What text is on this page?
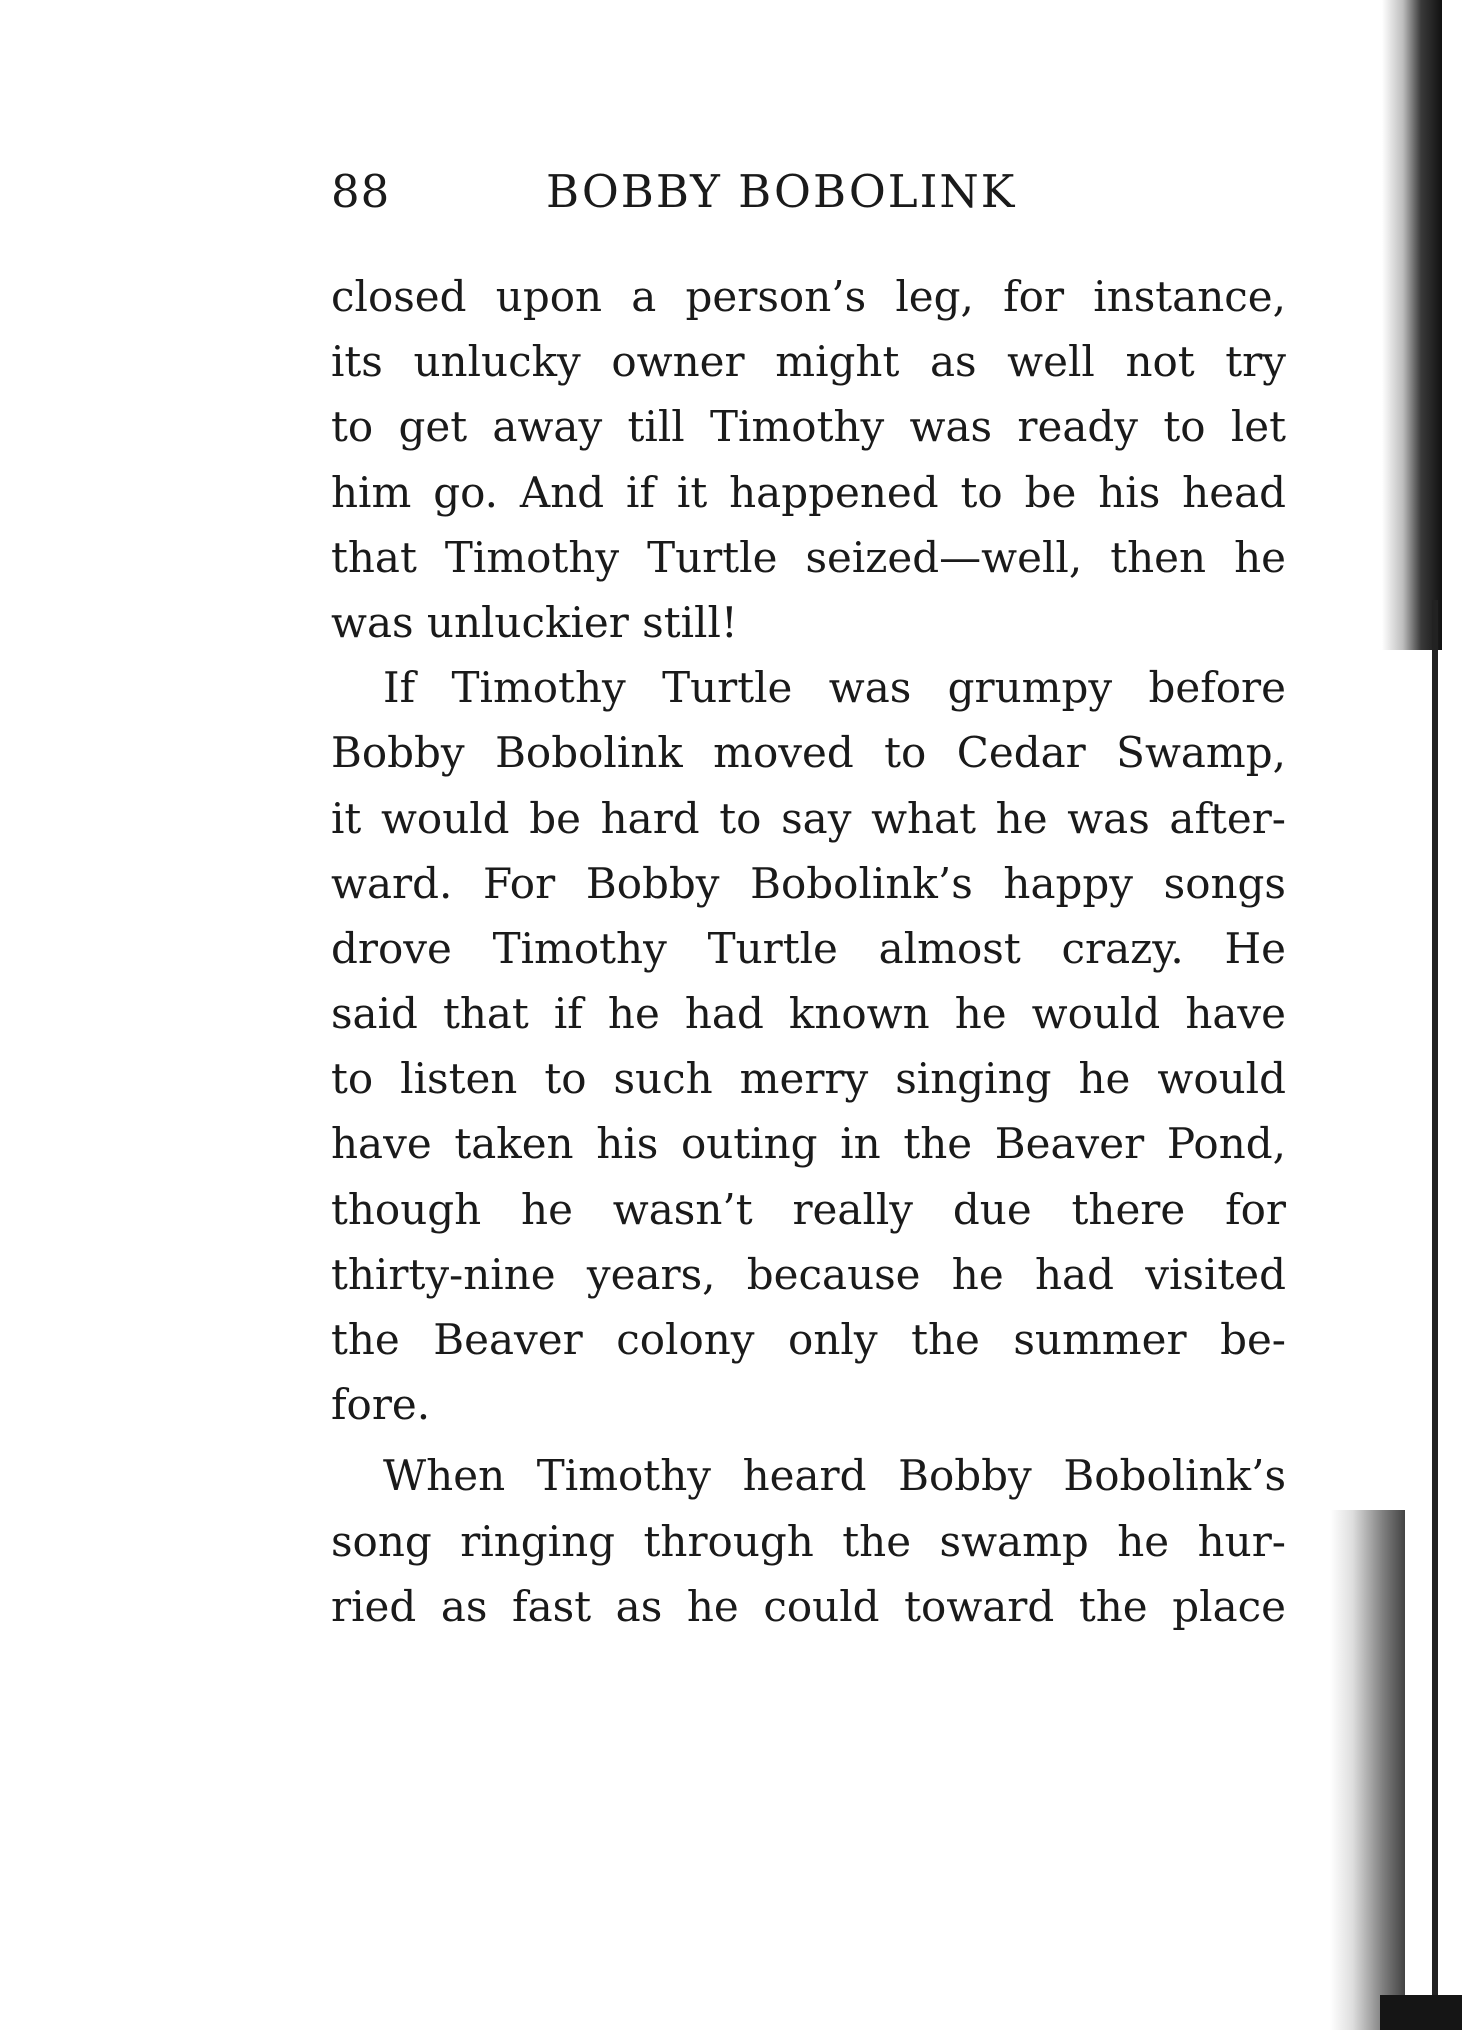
88	BOBBY BOBOLINK
closed upon a person’s leg, for instance,
its unlucky owner might as well not try
to get away till Timothy was ready to let
him go. And if it happened to be his head
that Timothy Turtle seized—well, then he
was unluckier still!
If Timothy Turtle was grumpy before
Bobby Bobolink moved to Cedar Swamp,
it would be hard to say what he was after-
ward. For Bobby Bobolink’s happy songs
drove Timothy Turtle almost crazy. He
said that if he had known he would have
to listen to such merry singing he would
have taken his outing in the Beaver Pond,
though he wasn’t really due there for
thirty-nine years, because he had visited
the Beaver colony only the summer be-
fore.
When Timothy heard Bobby Bobolink’s
song ringing through the swamp he hur-
ried as fast as he could toward the place
